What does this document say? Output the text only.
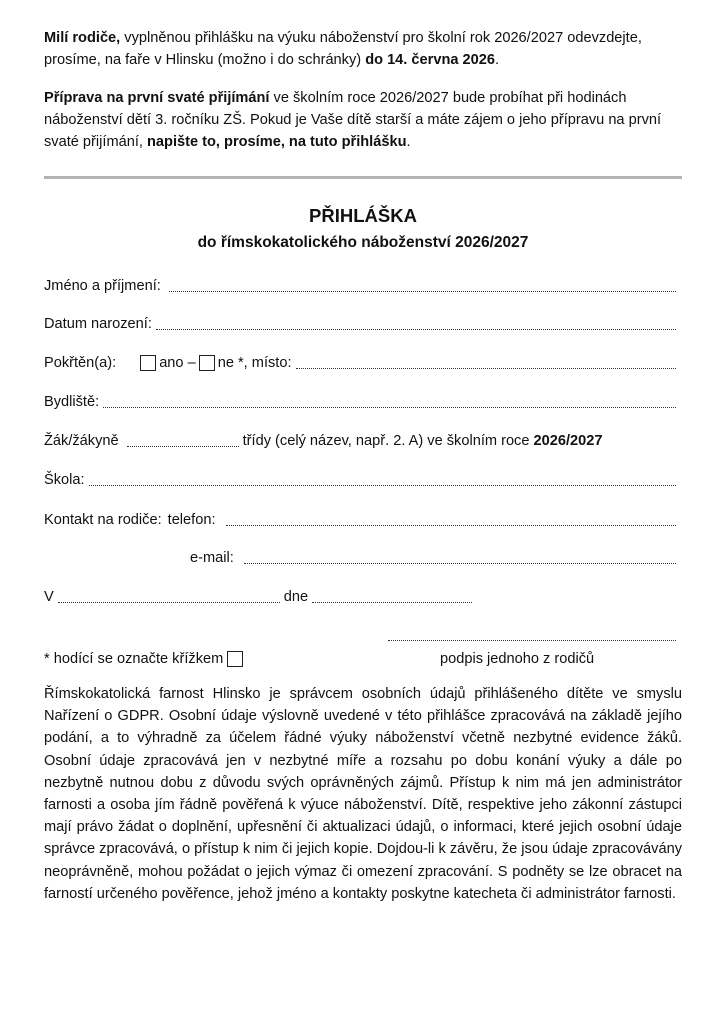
Milí rodiče, vyplněnou přihlášku na výuku náboženství pro školní rok 2026/2027 odevzdejte, prosíme, na faře v Hlinsku (možno i do schránky) do 14. června 2026.
Příprava na první svaté přijímání ve školním roce 2026/2027 bude probíhat při hodinách náboženství dětí 3. ročníku ZŠ. Pokud je Vaše dítě starší a máte zájem o jeho přípravu na první svaté přijímání, napište to, prosíme, na tuto přihlášku.
PŘIHLÁŠKA
do římskokatolického náboženství 2026/2027
Jméno a příjmení:
Datum narození:
Pokřtěn(a):	ano – ne *, místo:
Bydliště:
Žák/žákyně	třídy (celý název, např. 2. A) ve školním roce 2026/2027
Škola:
Kontakt na rodiče: telefon:
e-mail:
V	dne
* hodící se označte křížkem	podpis jednoho z rodičů
Římskokatolická farnost Hlinsko je správcem osobních údajů přihlášeného dítěte ve smyslu Nařízení o GDPR. Osobní údaje výslovně uvedené v této přihlášce zpracovává na základě jejího podání, a to výhradně za účelem řádné výuky náboženství včetně nezbytné evidence žáků. Osobní údaje zpracovává jen v nezbytné míře a rozsahu po dobu konání výuky a dále po nezbytně nutnou dobu z důvodu svých oprávněných zájmů. Přístup k nim má jen administrátor farnosti a osoba jím řádně pověřená k výuce náboženství. Dítě, respektive jeho zákonní zástupci mají právo žádat o doplnění, upřesnění či aktualizaci údajů, o informaci, které jejich osobní údaje správce zpracovává, o přístup k nim či jejich kopie. Dojdou-li k závěru, že jsou údaje zpracovávány neoprávněně, mohou požádat o jejich výmaz či omezení zpracování. S podněty se lze obracet na farností určeného pověřence, jehož jméno a kontakty poskytne katecheta či administrátor farnosti.
